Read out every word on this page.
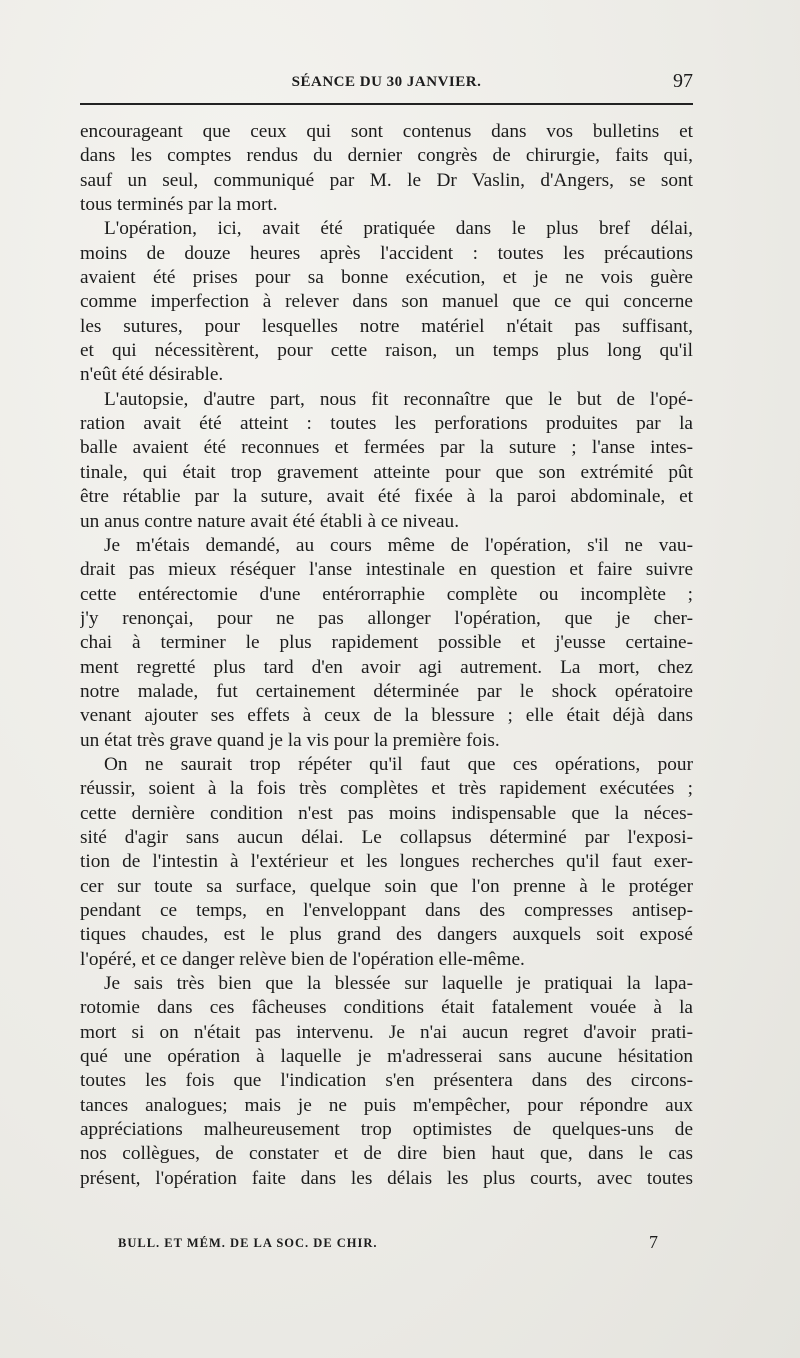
SÉANCE DU 30 JANVIER.	97
encourageant que ceux qui sont contenus dans vos bulletins et
dans les comptes rendus du dernier congrès de chirurgie, faits qui,
sauf un seul, communiqué par M. le Dr Vaslin, d'Angers, se sont
tous terminés par la mort.
L'opération, ici, avait été pratiquée dans le plus bref délai,
moins de douze heures après l'accident : toutes les précautions
avaient été prises pour sa bonne exécution, et je ne vois guère
comme imperfection à relever dans son manuel que ce qui concerne
les sutures, pour lesquelles notre matériel n'était pas suffisant,
et qui nécessitèrent, pour cette raison, un temps plus long qu'il
n'eût été désirable.
L'autopsie, d'autre part, nous fit reconnaître que le but de l'opé-
ration avait été atteint : toutes les perforations produites par la
balle avaient été reconnues et fermées par la suture ; l'anse intes-
tinale, qui était trop gravement atteinte pour que son extrémité pût
être rétablie par la suture, avait été fixée à la paroi abdominale, et
un anus contre nature avait été établi à ce niveau.
Je m'étais demandé, au cours même de l'opération, s'il ne vau-
drait pas mieux réséquer l'anse intestinale en question et faire suivre
cette entérectomie d'une entérorraphie complète ou incomplète ;
j'y renonçai, pour ne pas allonger l'opération, que je cher-
chai à terminer le plus rapidement possible et j'eusse certaine-
ment regretté plus tard d'en avoir agi autrement. La mort, chez
notre malade, fut certainement déterminée par le shock opératoire
venant ajouter ses effets à ceux de la blessure ; elle était déjà dans
un état très grave quand je la vis pour la première fois.
On ne saurait trop répéter qu'il faut que ces opérations, pour
réussir, soient à la fois très complètes et très rapidement exécutées ;
cette dernière condition n'est pas moins indispensable que la néces-
sité d'agir sans aucun délai. Le collapsus déterminé par l'exposi-
tion de l'intestin à l'extérieur et les longues recherches qu'il faut exer-
cer sur toute sa surface, quelque soin que l'on prenne à le protéger
pendant ce temps, en l'enveloppant dans des compresses antisep-
tiques chaudes, est le plus grand des dangers auxquels soit exposé
l'opéré, et ce danger relève bien de l'opération elle-même.
Je sais très bien que la blessée sur laquelle je pratiquai la lapa-
rotomie dans ces fâcheuses conditions était fatalement vouée à la
mort si on n'était pas intervenu. Je n'ai aucun regret d'avoir prati-
qué une opération à laquelle je m'adresserai sans aucune hésitation
toutes les fois que l'indication s'en présentera dans des circons-
tances analogues; mais je ne puis m'empêcher, pour répondre aux
appréciations malheureusement trop optimistes de quelques-uns de
nos collègues, de constater et de dire bien haut que, dans le cas
présent, l'opération faite dans les délais les plus courts, avec toutes
BULL. ET MÉM. DE LA SOC. DE CHIR.	7
